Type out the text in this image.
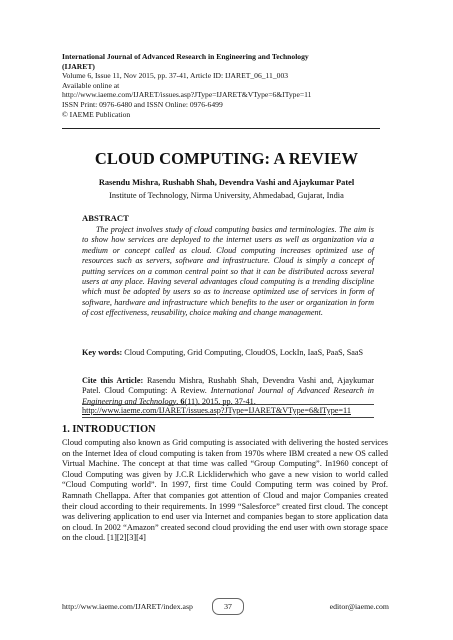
International Journal of Advanced Research in Engineering and Technology
(IJARET)
Volume 6, Issue 11, Nov 2015, pp. 37-41, Article ID: IJARET_06_11_003
Available online at
http://www.iaeme.com/IJARET/issues.asp?JType=IJARET&VType=6&IType=11
ISSN Print: 0976-6480 and ISSN Online: 0976-6499
© IAEME Publication
CLOUD COMPUTING: A REVIEW
Rasendu Mishra, Rushabh Shah, Devendra Vashi and Ajaykumar Patel
Institute of Technology, Nirma University, Ahmedabad, Gujarat, India
ABSTRACT
The project involves study of cloud computing basics and terminologies. The aim is to show how services are deployed to the internet users as well as organization via a medium or concept called as cloud. Cloud computing increases optimized use of resources such as servers, software and infrastructure. Cloud is simply a concept of putting services on a common central point so that it can be distributed across several users at any place. Having several advantages cloud computing is a trending discipline which must be adopted by users so as to increase optimized use of services in form of software, hardware and infrastructure which benefits to the user or organization in form of cost effectiveness, reusability, choice making and change management.
Key words: Cloud Computing, Grid Computing, CloudOS, LockIn, IaaS, PaaS, SaaS
Cite this Article: Rasendu Mishra, Rushabh Shah, Devendra Vashi and, Ajaykumar Patel. Cloud Computing: A Review. International Journal of Advanced Research in Engineering and Technology, 6(11), 2015, pp. 37-41.
http://www.iaeme.com/IJARET/issues.asp?JType=IJARET&VType=6&IType=11
1. INTRODUCTION
Cloud computing also known as Grid computing is associated with delivering the hosted services on the Internet Idea of cloud computing is taken from 1970s where IBM created a new OS called Virtual Machine. The concept at that time was called “Group Computing”. In1960 concept of Cloud Computing was given by J.C.R Lickliderwhich who gave a new vision to world called “Cloud Computing world”. In 1997, first time Could Computing term was coined by Prof. Ramnath Chellappa. After that companies got attention of Cloud and major Companies created their cloud according to their requirements. In 1999 “Salesforce” created first cloud. The concept was delivering application to end user via Internet and companies began to store application data on cloud. In 2002 “Amazon” created second cloud providing the end user with own storage space on the cloud. [1][2][3][4]
http://www.iaeme.com/IJARET/index.asp	37	editor@iaeme.com
